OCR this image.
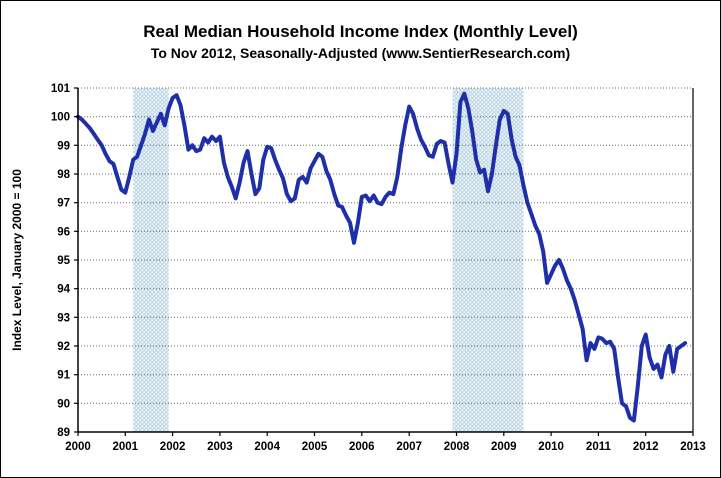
Real Median Household Income Index (Monthly Level)
To Nov 2012, Seasonally-Adjusted (www.SentierResearch.com)
Index Level, January 2000 = 100
2000 2001 2002 2003 2004 2005 2006 2007 2008 2009 2010 2011 2012 2013
89
90
91
92
93
94
95
96
97
98
99
100
101
